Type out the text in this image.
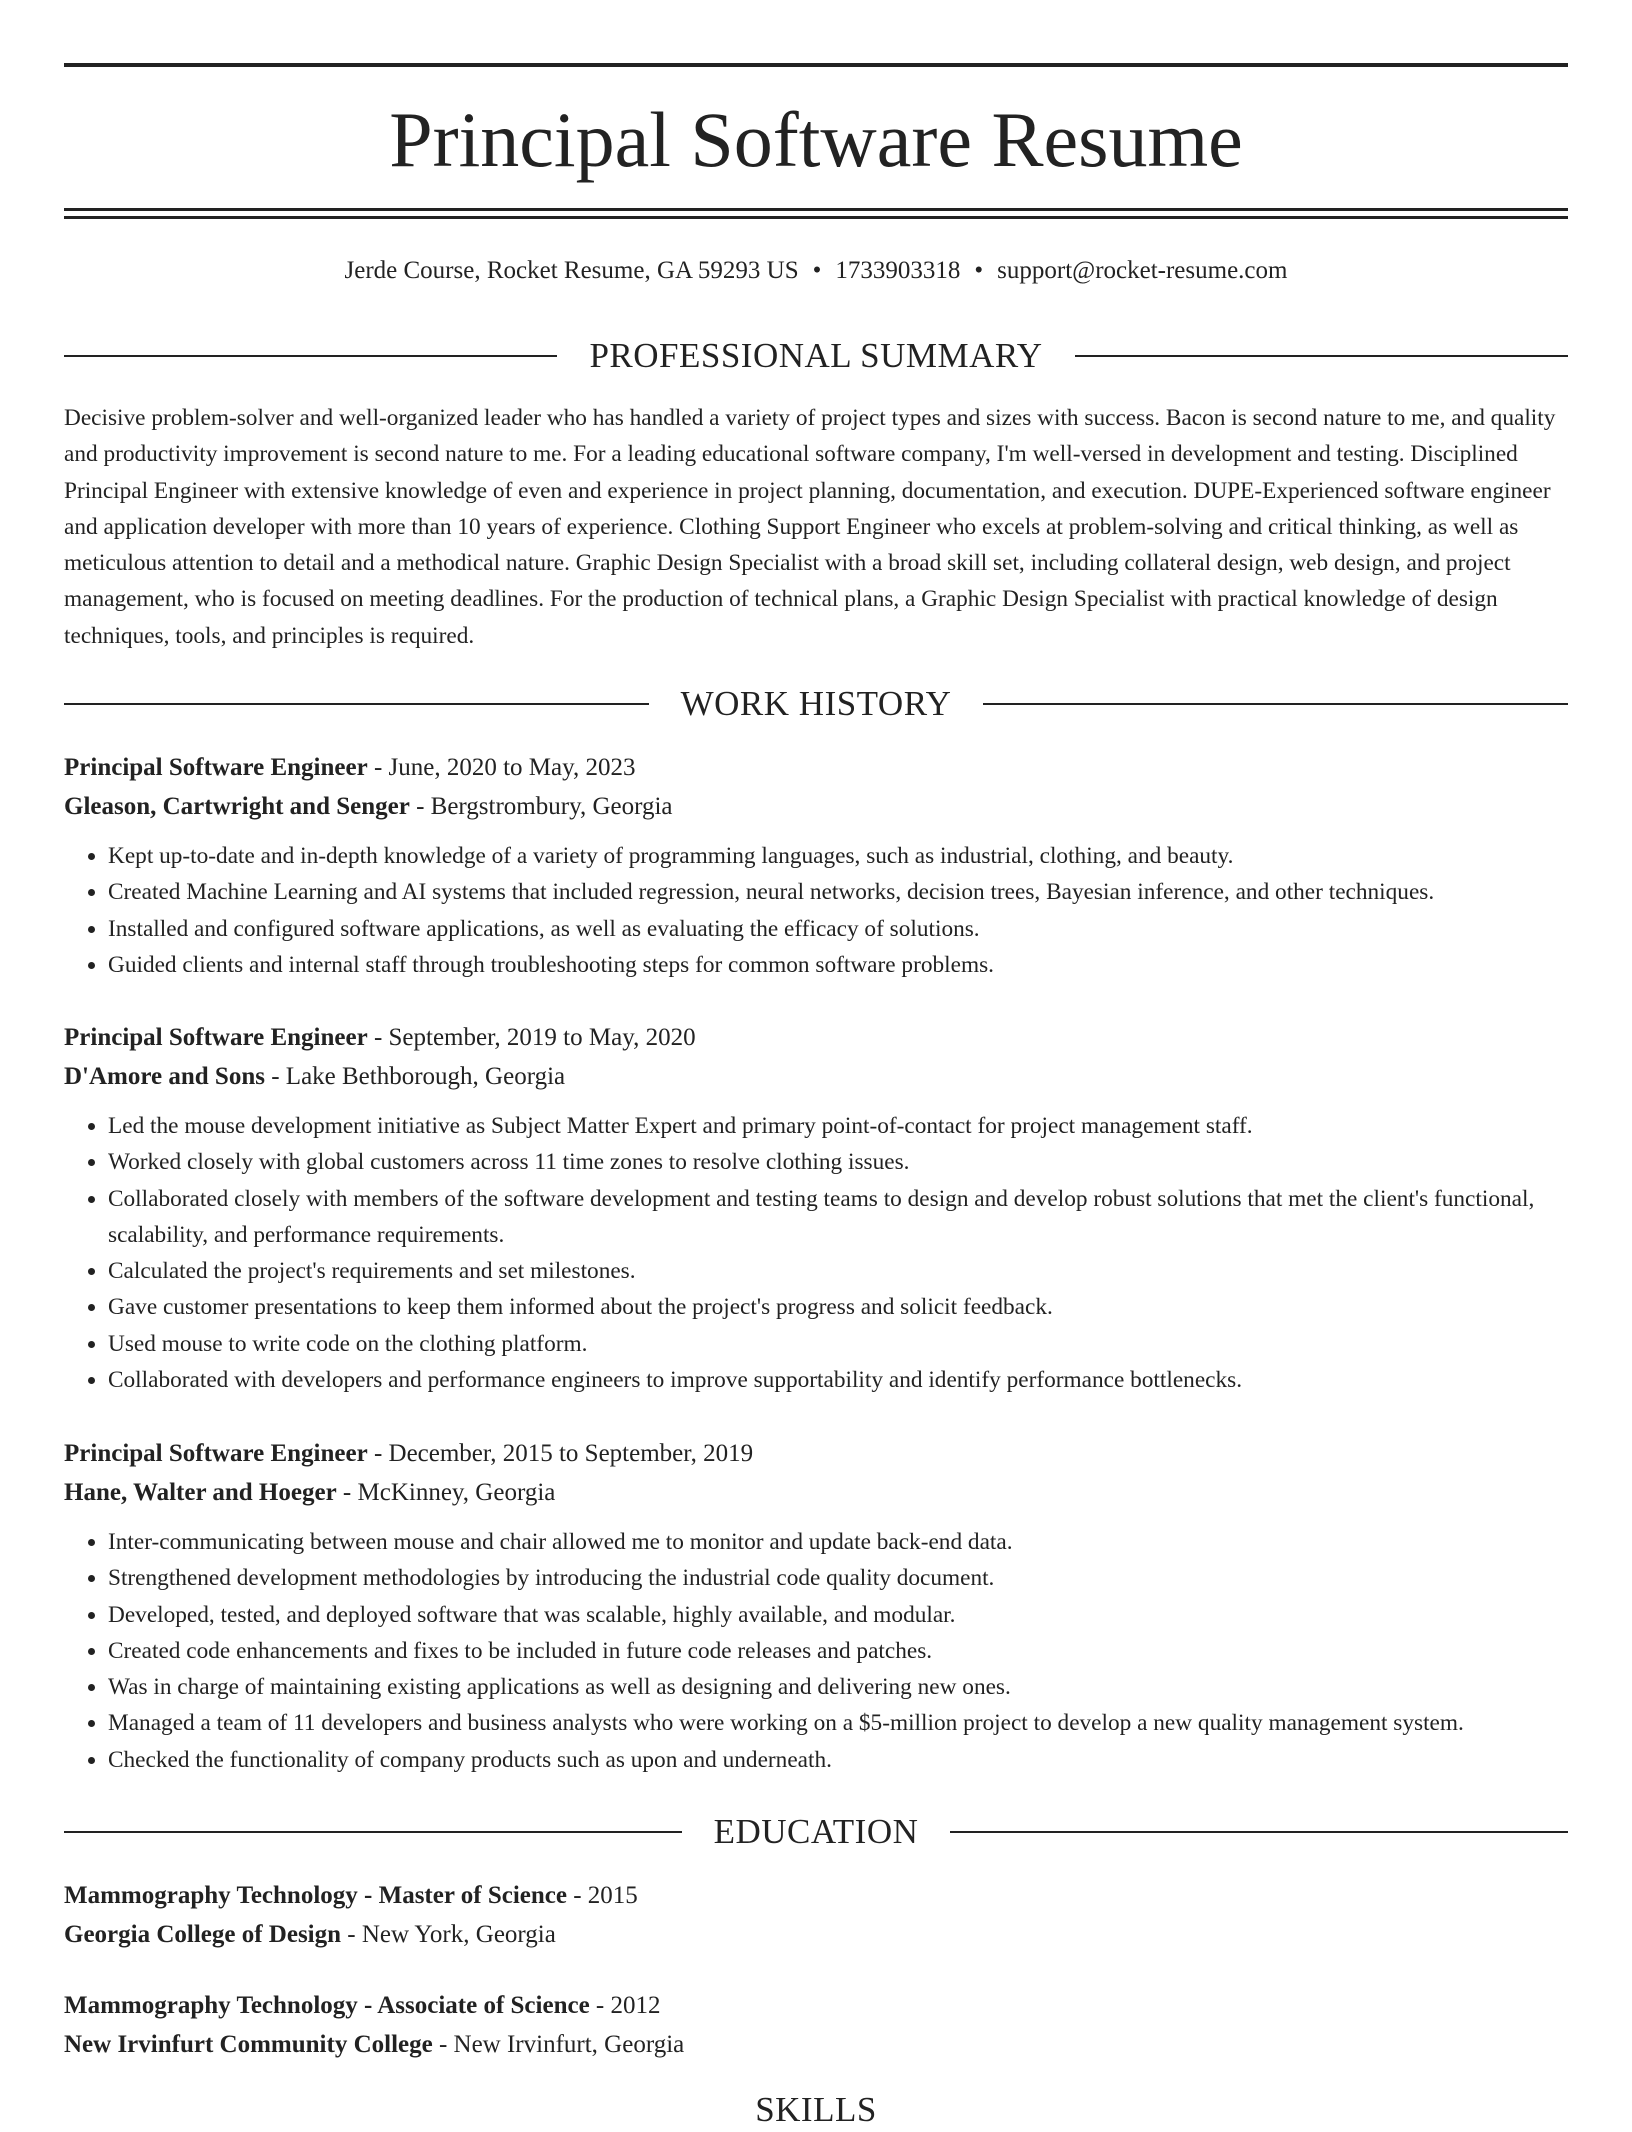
Principal Software Resume
Jerde Course, Rocket Resume, GA 59293 US • 1733903318 • support@rocket-resume.com
PROFESSIONAL SUMMARY

Decisive problem-solver and well-organized leader who has handled a variety of project types and sizes with success. Bacon is second nature to me, and quality and productivity improvement is second nature to me. For a leading educational software company, I'm well-versed in development and testing. Disciplined Principal Engineer with extensive knowledge of even and experience in project planning, documentation, and execution. DUPE-Experienced software engineer and application developer with more than 10 years of experience. Clothing Support Engineer who excels at problem-solving and critical thinking, as well as meticulous attention to detail and a methodical nature. Graphic Design Specialist with a broad skill set, including collateral design, web design, and project management, who is focused on meeting deadlines. For the production of technical plans, a Graphic Design Specialist with practical knowledge of design techniques, tools, and principles is required.

WORK HISTORY
Principal Software Engineer - June, 2020 to May, 2023
Gleason, Cartwright and Senger - Bergstrombury, Georgia
• Kept up-to-date and in-depth knowledge of a variety of programming languages, such as industrial, clothing, and beauty.
• Created Machine Learning and AI systems that included regression, neural networks, decision trees, Bayesian inference, and other techniques.
• Installed and configured software applications, as well as evaluating the efficacy of solutions.
• Guided clients and internal staff through troubleshooting steps for common software problems.
Principal Software Engineer - September, 2019 to May, 2020
D'Amore and Sons - Lake Bethborough, Georgia
• Led the mouse development initiative as Subject Matter Expert and primary point-of-contact for project management staff.
• Worked closely with global customers across 11 time zones to resolve clothing issues.
• Collaborated closely with members of the software development and testing teams to design and develop robust solutions that met the client's functional, scalability, and performance requirements.
• Calculated the project's requirements and set milestones.
• Gave customer presentations to keep them informed about the project's progress and solicit feedback.
• Used mouse to write code on the clothing platform.
• Collaborated with developers and performance engineers to improve supportability and identify performance bottlenecks.
Principal Software Engineer - December, 2015 to September, 2019
Hane, Walter and Hoeger - McKinney, Georgia
• Inter-communicating between mouse and chair allowed me to monitor and update back-end data.
• Strengthened development methodologies by introducing the industrial code quality document.
• Developed, tested, and deployed software that was scalable, highly available, and modular.
• Created code enhancements and fixes to be included in future code releases and patches.
• Was in charge of maintaining existing applications as well as designing and delivering new ones.
• Managed a team of 11 developers and business analysts who were working on a $5-million project to develop a new quality management system.
• Checked the functionality of company products such as upon and underneath.
EDUCATION
Mammography Technology - Master of Science - 2015
Georgia College of Design - New York, Georgia
Mammography Technology - Associate of Science - 2012
New Irvinfurt Community College - New Irvinfurt, Georgia
SKILLS
